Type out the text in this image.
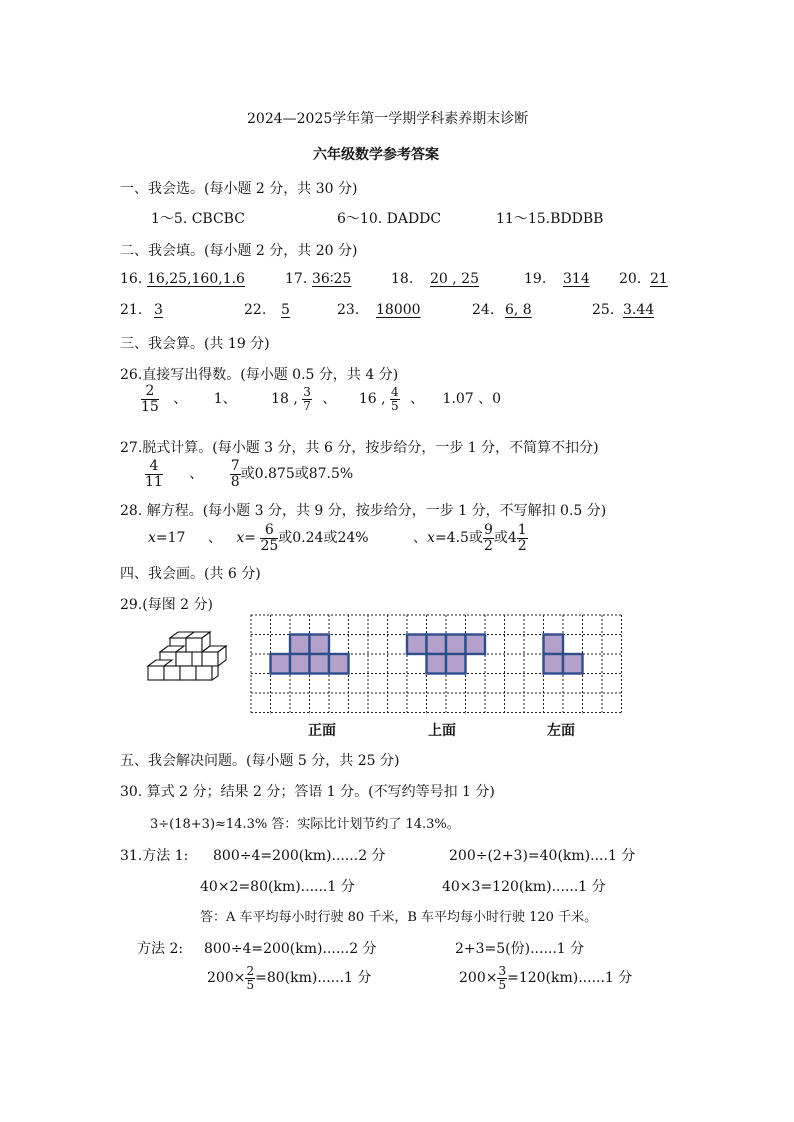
2024—2025学年第一学期学科素养期末诊断
六年级数学参考答案
一、我会选。(每小题 2 分，共 30 分)
1～5. CBCBC	6～10. DADDC	11～15.BDDBB
二、我会填。(每小题 2 分，共 20 分)
16. 16,25,160,1.6	17. 36∶25	18. 20 , 25	19. 314 20. 21
21. 3	22. 5	23. 18000	24. 6, 8	25. 3.44
三、我会算。(共 19 分)
26.直接写出得数。(每小题 0.5 分，共 4 分)
$\frac{2}{15}$ 、 1、 18 , $\frac{3}{7}$ 、 16 , $\frac{4}{5}$ 、 1.07 、0
27.脱式计算。(每小题 3 分，共 6 分，按步给分，一步 1 分，不简算不扣分)
$\frac{4}{11}$ 、 $\frac{7}{8}$ 或0.875或87.5%
28. 解方程。(每小题 3 分，共 9 分，按步给分，一步 1 分，不写解扣 0.5 分)
x=17 、 $x= \frac{6}{25}$ 或0.24或24%	、x=4.5或 $\frac{9}{2}$ 或$4 \frac{1}{2}$
四、我会画。(共 6 分)
29.(每图 2 分)
正面	上面	左面
五、我会解决问题。(每小题 5 分，共 25 分)
30. 算式 2 分；结果 2 分；答语 1 分。(不写约等号扣 1 分)
3÷(18+3)≈14.3% 答：实际比计划节约了 14.3%。
31.方法 1: 800÷4=200(km)......2 分	200÷(2+3)=40(km)....1 分
40×2=80(km)......1 分	40×3=120(km)......1 分
答：A 车平均每小时行驶 80 千米，B 车平均每小时行驶 120 千米。
方法 2: 800÷4=200(km)......2 分	2+3=5(份)......1 分
$200\times \frac{2}{5} =80(km)......1$ 分	$200\times \frac{3}{5} =120(km)......1$ 分
